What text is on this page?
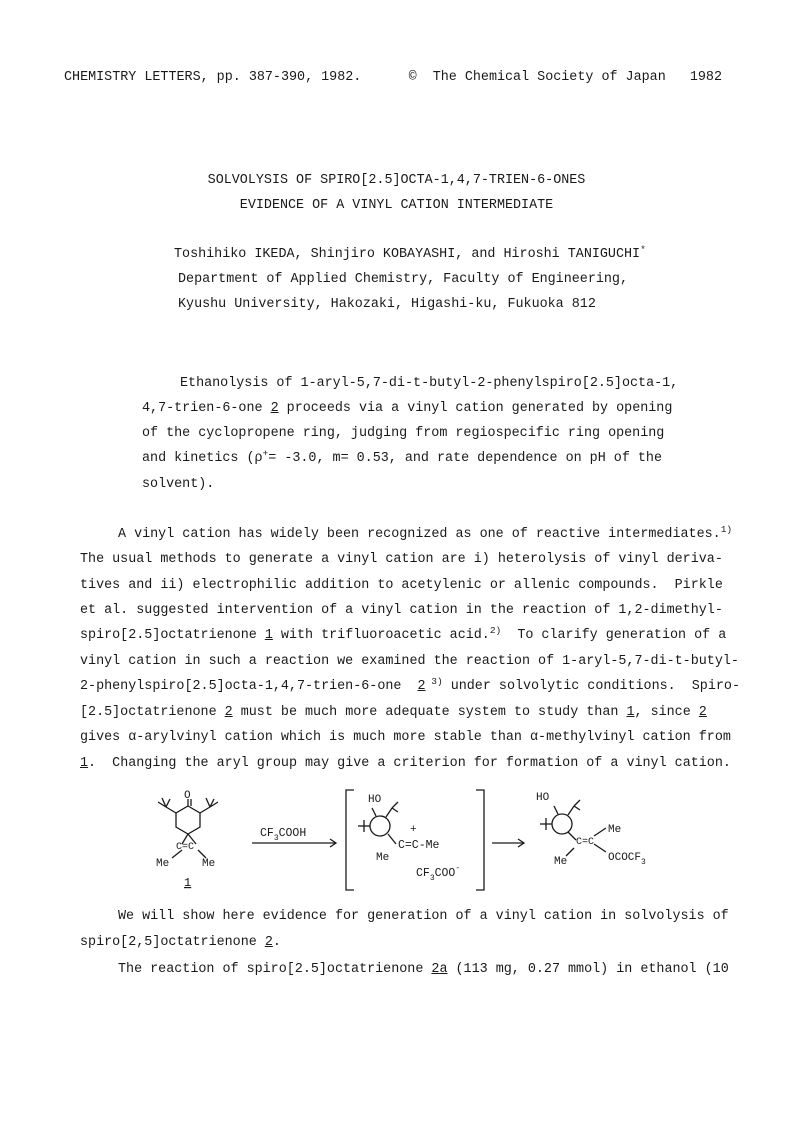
CHEMISTRY LETTERS, pp. 387-390, 1982.

	©  The Chemical Society of Japan   1982

SOLVOLYSIS OF SPIRO[2.5]OCTA-1,4,7-TRIEN-6-ONES
EVIDENCE OF A VINYL CATION INTERMEDIATE
Toshihiko IKEDA, Shinjiro KOBAYASHI, and Hiroshi TANIGUCHI*
Department of Applied Chemistry, Faculty of Engineering,
Kyushu University, Hakozaki, Higashi-ku, Fukuoka 812
Ethanolysis of 1-aryl-5,7-di-t-butyl-2-phenylspiro[2.5]octa-1,
4,7-trien-6-one 2 proceeds via a vinyl cation generated by opening
of the cyclopropene ring, judging from regiospecific ring opening
and kinetics (ρ+= -3.0, m= 0.53, and rate dependence on pH of the
solvent).
A vinyl cation has widely been recognized as one of reactive intermediates.$^{1)}$
The usual methods to generate a vinyl cation are i) heterolysis of vinyl deriva-
tives and ii) electrophilic addition to acetylenic or allenic compounds.  Pirkle
et al. suggested intervention of a vinyl cation in the reaction of 1,2-dimethyl-
spiro[2.5]octatrienone 1 with trifluoroacetic acid.$^{2)}$  To clarify generation of a
vinyl cation in such a reaction we examined the reaction of 1-aryl-5,7-di-t-butyl-
2-phenylspiro[2.5]octa-1,4,7-trien-6-one  2 $^{3)}$ under solvolytic conditions.  Spiro-
[2.5]octatrienone 2 must be much more adequate system to study than 1, since 2
gives α-arylvinyl cation which is much more stable than α-methylvinyl cation from
1.  Changing the aryl group may give a criterion for formation of a vinyl cation.
O
C=C
Me	Me
1
$CF_3COOH$
HO
+
C=C-Me
Me
$CF_3COO^-$
HO
C=C
Me
Me	$OCOCF_3$
We will show here evidence for generation of a vinyl cation in solvolysis of
spiro[2,5]octatrienone 2.
The reaction of spiro[2.5]octatrienone 2a (113 mg, 0.27 mmol) in ethanol (10
